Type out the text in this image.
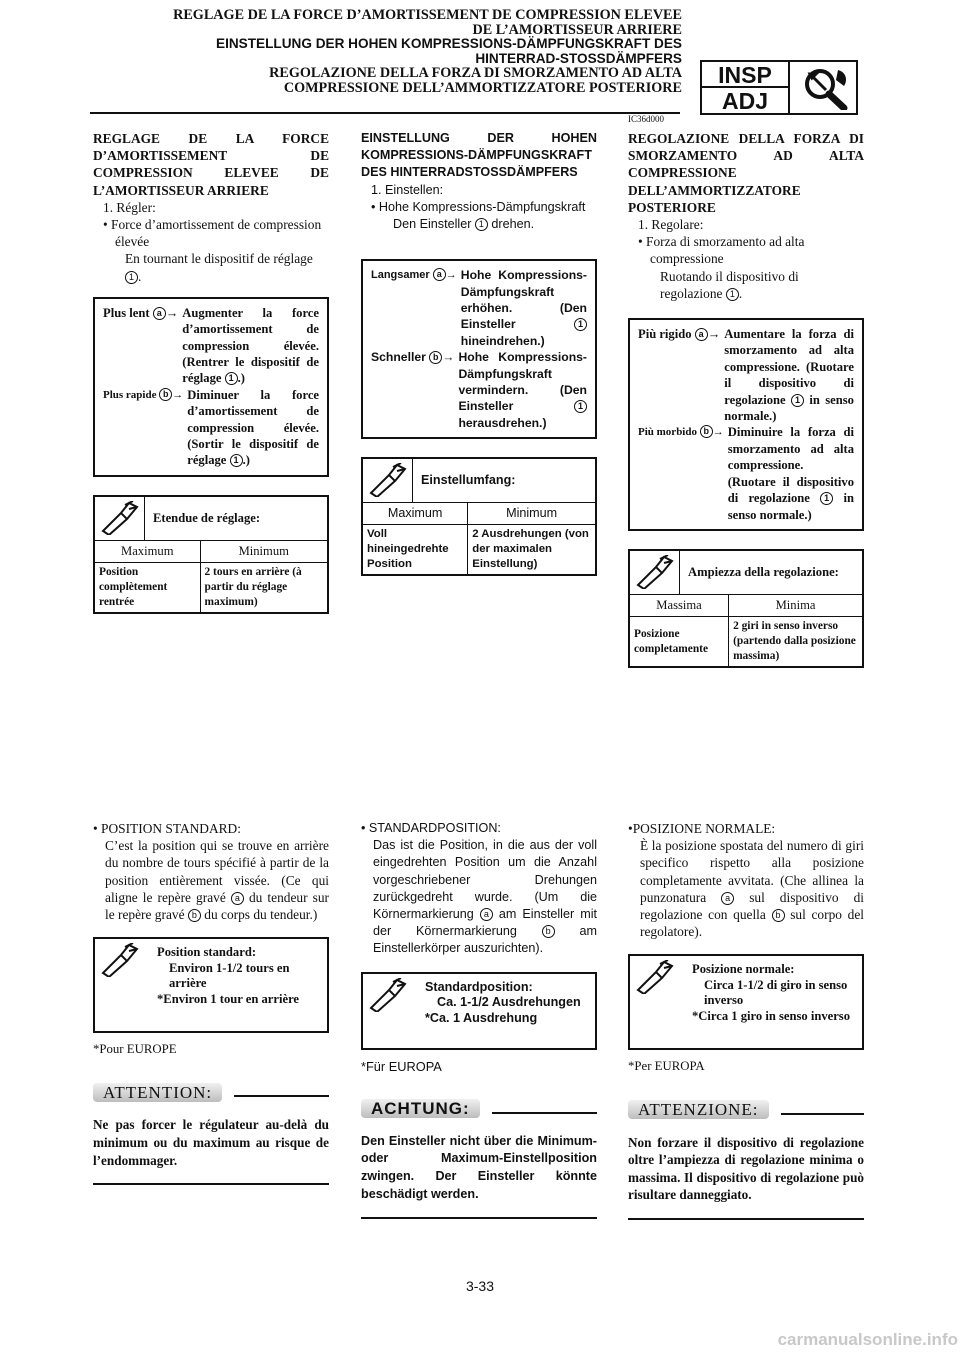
REGLAGE DE LA FORCE D’AMORTISSEMENT DE COMPRESSION ELEVEE
DE L’AMORTISSEUR ARRIERE
EINSTELLUNG DER HOHEN KOMPRESSIONS-DÄMPFUNGSKRAFT DES
HINTERRAD-STOSSDÄMPFERS
REGOLAZIONE DELLA FORZA DI SMORZAMENTO AD ALTA
COMPRESSIONE DELL’AMMORTIZZATORE POSTERIORE
IC36d000
INSP
ADJ
REGLAGE DE LA FORCE D’AMORTISSEMENT DE COMPRESSION ELEVEE DE L’AMORTISSEUR ARRIERE
1. Régler:
• Force d’amortissement de compression élevée
En tournant le dispositif de réglage 1 .
Plus lent a → Augmenter la force d’amortissement de compression élevée. (Rentrer le dispositif de réglage 1 .)
Plus rapide b → Diminuer la force d’amortissement de compression élevée. (Sortir le dispositif de réglage 1 .)
Etendue de réglage:
Maximum	Minimum
Position complètement rentrée	2 tours en arrière (à partir du réglage maximum)
• POSITION STANDARD:
C’est la position qui se trouve en arrière du nombre de tours spécifié à partir de la position entièrement vissée. (Ce qui aligne le repère gravé a du tendeur sur le repère gravé b du corps du tendeur.)
Position standard:
Environ 1-1/2 tours en arrière
*Environ 1 tour en arrière
*Pour EUROPE
ATTENTION:
Ne pas forcer le régulateur au-delà du minimum ou du maximum au risque de l’endommager.
EINSTELLUNG DER HOHEN KOMPRESSIONS-DÄMPFUNGSKRAFT DES HINTERRADSTOSSDÄMPFERS
1. Einstellen:
• Hohe Kompressions-Dämpfungskraft
Den Einsteller 1 drehen.
Langsamer a → Hohe Kompressions-Dämpfungskraft erhöhen. (Den Einsteller	1 hineindrehen.)
Schneller b → Hohe Kompressions-Dämpfungskraft vermindern. (Den Einsteller	1 herausdrehen.)
Einstellumfang:
Maximum	Minimum
Voll hineingedrehte Position	2 Ausdrehungen (von der maximalen Einstellung)
• STANDARDPOSITION:
Das ist die Position, in die aus der voll eingedrehten Position um die Anzahl vorgeschriebener Drehungen zurückgedreht wurde. (Um die Körnermarkierung a am Einsteller mit der Körnermarkierung	b am Einstellerkörper auszurichten).
Standardposition:
Ca. 1-1/2 Ausdrehungen
*Ca. 1 Ausdrehung
*Für EUROPA
ACHTUNG:
Den Einsteller nicht über die Minimum-oder Maximum-Einstellposition zwingen. Der Einsteller könnte beschädigt werden.
REGOLAZIONE DELLA FORZA DI SMORZAMENTO AD ALTA COMPRESSIONE DELL’AMMORTIZZATORE POSTERIORE
1. Regolare:
• Forza di smorzamento ad alta compressione
Ruotando il dispositivo di regolazione 1 .
Più rigido a → Aumentare la forza di smorzamento ad alta compressione. (Ruotare il dispositivo di regolazione 1 in senso normale.)
Più morbido b → Diminuire la forza di smorzamento ad alta compressione. (Ruotare il dispositivo di regolazione 1 in senso normale.)
Ampiezza della regolazione:
Massima	Minima
Posizione completamente	2 giri in senso inverso (partendo dalla posizione massima)
•POSIZIONE NORMALE:
È la posizione spostata del numero di giri specifico rispetto alla posizione completamente avvitata. (Che allinea la punzonatura a sul dispositivo di regolazione con quella b sul corpo del regolatore).
Posizione normale:
Circa 1-1/2 di giro in senso inverso
*Circa 1 giro in senso inverso
*Per EUROPA
ATTENZIONE:
Non forzare il dispositivo di regolazione oltre l’ampiezza di regolazione minima o massima. Il dispositivo di regolazione può risultare danneggiato.
3-33
carmanualsonline.info
